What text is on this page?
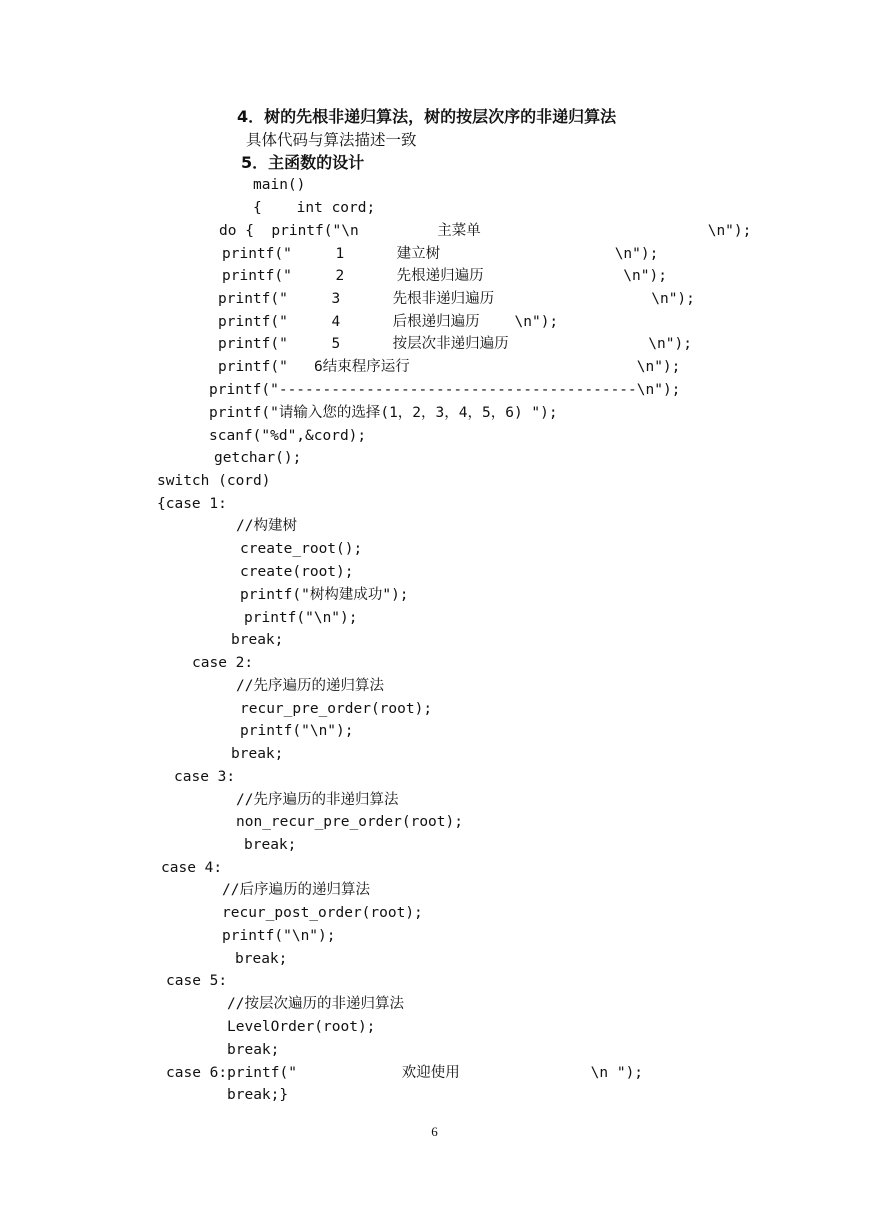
4．树的先根非递归算法，树的按层次序的非递归算法
具体代码与算法描述一致
5．主函数的设计
main()
{    int cord;
do {  printf("\n         主菜单                          \n");
printf("     1      建立树                    \n");
printf("     2      先根递归遍历                \n");
printf("     3      先根非递归遍历                  \n");
printf("     4      后根递归遍历    \n");
printf("     5      按层次非递归遍历                \n");
printf("   6结束程序运行                          \n");
printf("-----------------------------------------\n");
printf("请输入您的选择(1，2，3，4，5，6) ");
scanf("%d",&cord);
getchar();
switch (cord)
{case 1:
//构建树
create_root();
create(root);
printf("树构建成功");
printf("\n");
break;
case 2:
//先序遍历的递归算法
recur_pre_order(root);
printf("\n");
break;
case 3:
//先序遍历的非递归算法
non_recur_pre_order(root);
break;
case 4:
//后序遍历的递归算法
recur_post_order(root);
printf("\n");
break;
case 5:
//按层次遍历的非递归算法
LevelOrder(root);
break;
case 6:printf("            欢迎使用               \n ");
break;}
6
